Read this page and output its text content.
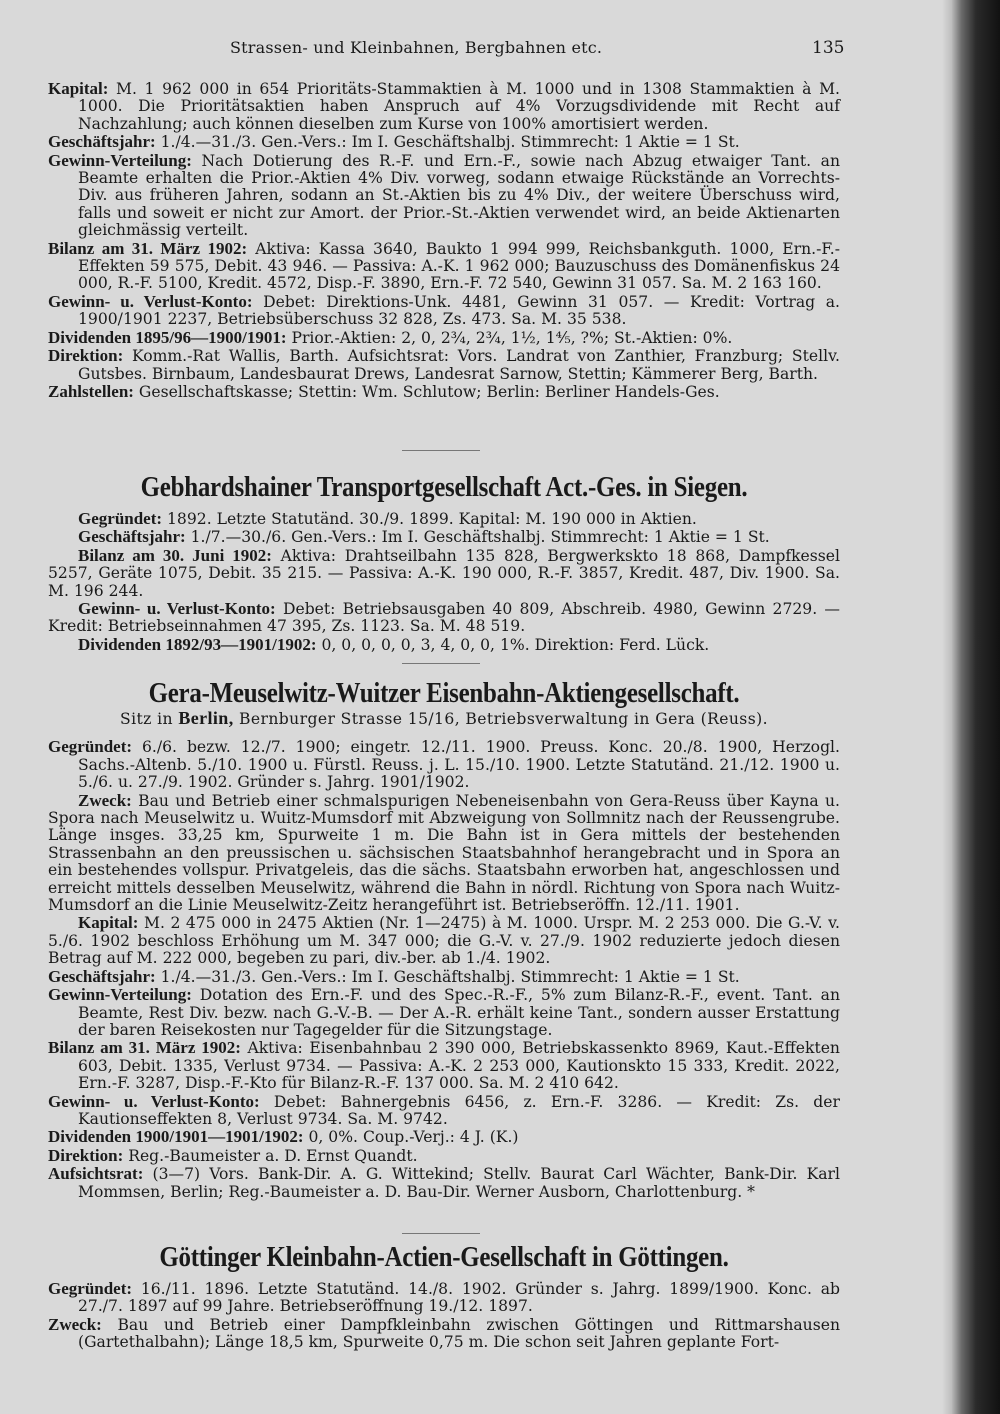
Strassen- und Kleinbahnen, Bergbahnen etc.	135

Kapital: M. 1 962 000 in 654 Prioritäts-Stammaktien à M. 1000 und in 1308 Stammaktien à M. 1000. Die Prioritätsaktien haben Anspruch auf 4% Vorzugsdividende mit Recht auf Nachzahlung; auch können dieselben zum Kurse von 100% amortisiert werden.

Geschäftsjahr: 1./4.—31./3. Gen.-Vers.: Im I. Geschäftshalbj. Stimmrecht: 1 Aktie = 1 St.

Gewinn-Verteilung: Nach Dotierung des R.-F. und Ern.-F., sowie nach Abzug etwaiger Tant. an Beamte erhalten die Prior.-Aktien 4% Div. vorweg, sodann etwaige Rückstände an Vorrechts-Div. aus früheren Jahren, sodann an St.-Aktien bis zu 4% Div., der weitere Überschuss wird, falls und soweit er nicht zur Amort. der Prior.-St.-Aktien verwendet wird, an beide Aktienarten gleichmässig verteilt.

Bilanz am 31. März 1902: Aktiva: Kassa 3640, Baukto 1 994 999, Reichsbankguth. 1000, Ern.-F.-Effekten 59 575, Debit. 43 946. — Passiva: A.-K. 1 962 000; Bauzuschuss des Domänenfiskus 24 000, R.-F. 5100, Kredit. 4572, Disp.-F. 3890, Ern.-F. 72 540, Gewinn 31 057. Sa. M. 2 163 160.

Gewinn- u. Verlust-Konto: Debet: Direktions-Unk. 4481, Gewinn 31 057. — Kredit: Vortrag a. 1900/1901 2237, Betriebsüberschuss 32 828, Zs. 473. Sa. M. 35 538.

Dividenden 1895/96—1900/1901: Prior.-Aktien: 2, 0, 2¾, 2¾, 1½, 1⅘, ?%; St.-Aktien: 0%.

Direktion: Komm.-Rat Wallis, Barth. Aufsichtsrat: Vors. Landrat von Zanthier, Franzburg; Stellv. Gutsbes. Birnbaum, Landesbaurat Drews, Landesrat Sarnow, Stettin; Kämmerer Berg, Barth.

Zahlstellen: Gesellschaftskasse; Stettin: Wm. Schlutow; Berlin: Berliner Handels-Ges.

Gebhardshainer Transportgesellschaft Act.-Ges. in Siegen.

Gegründet: 1892. Letzte Statutänd. 30./9. 1899. Kapital: M. 190 000 in Aktien.

Geschäftsjahr: 1./7.—30./6. Gen.-Vers.: Im I. Geschäftshalbj. Stimmrecht: 1 Aktie = 1 St.

Bilanz am 30. Juni 1902: Aktiva: Drahtseilbahn 135 828, Bergwerkskto 18 868, Dampfkessel 5257, Geräte 1075, Debit. 35 215. — Passiva: A.-K. 190 000, R.-F. 3857, Kredit. 487, Div. 1900. Sa. M. 196 244.

Gewinn- u. Verlust-Konto: Debet: Betriebsausgaben 40 809, Abschreib. 4980, Gewinn 2729. — Kredit: Betriebseinnahmen 47 395, Zs. 1123. Sa. M. 48 519.

Dividenden 1892/93—1901/1902: 0, 0, 0, 0, 0, 3, 4, 0, 0, 1%. Direktion: Ferd. Lück.

Gera-Meuselwitz-Wuitzer Eisenbahn-Aktiengesellschaft.

Sitz in Berlin, Bernburger Strasse 15/16, Betriebsverwaltung in Gera (Reuss).

Gegründet: 6./6. bezw. 12./7. 1900; eingetr. 12./11. 1900. Preuss. Konc. 20./8. 1900, Herzogl. Sachs.-Altenb. 5./10. 1900 u. Fürstl. Reuss. j. L. 15./10. 1900. Letzte Statutänd. 21./12. 1900 u. 5./6. u. 27./9. 1902. Gründer s. Jahrg. 1901/1902.

Zweck: Bau und Betrieb einer schmalspurigen Nebeneisenbahn von Gera-Reuss über Kayna u. Spora nach Meuselwitz u. Wuitz-Mumsdorf mit Abzweigung von Sollmnitz nach der Reussengrube. Länge insges. 33,25 km, Spurweite 1 m. Die Bahn ist in Gera mittels der bestehenden Strassenbahn an den preussischen u. sächsischen Staatsbahnhof herangebracht und in Spora an ein bestehendes vollspur. Privatgeleis, das die sächs. Staatsbahn erworben hat, angeschlossen und erreicht mittels desselben Meuselwitz, während die Bahn in nördl. Richtung von Spora nach Wuitz-Mumsdorf an die Linie Meuselwitz-Zeitz herangeführt ist. Betriebseröffn. 12./11. 1901.

Kapital: M. 2 475 000 in 2475 Aktien (Nr. 1—2475) à M. 1000. Urspr. M. 2 253 000. Die G.-V. v. 5./6. 1902 beschloss Erhöhung um M. 347 000; die G.-V. v. 27./9. 1902 reduzierte jedoch diesen Betrag auf M. 222 000, begeben zu pari, div.-ber. ab 1./4. 1902.

Geschäftsjahr: 1./4.—31./3. Gen.-Vers.: Im I. Geschäftshalbj. Stimmrecht: 1 Aktie = 1 St.

Gewinn-Verteilung: Dotation des Ern.-F. und des Spec.-R.-F., 5% zum Bilanz-R.-F., event. Tant. an Beamte, Rest Div. bezw. nach G.-V.-B. — Der A.-R. erhält keine Tant., sondern ausser Erstattung der baren Reisekosten nur Tagegelder für die Sitzungstage.

Bilanz am 31. März 1902: Aktiva: Eisenbahnbau 2 390 000, Betriebskassenkto 8969, Kaut.-Effekten 603, Debit. 1335, Verlust 9734. — Passiva: A.-K. 2 253 000, Kautionskto 15 333, Kredit. 2022, Ern.-F. 3287, Disp.-F.-Kto für Bilanz-R.-F. 137 000. Sa. M. 2 410 642.

Gewinn- u. Verlust-Konto: Debet: Bahnergebnis 6456, z. Ern.-F. 3286. — Kredit: Zs. der Kautionseffekten 8, Verlust 9734. Sa. M. 9742.

Dividenden 1900/1901—1901/1902: 0, 0%. Coup.-Verj.: 4 J. (K.)

Direktion: Reg.-Baumeister a. D. Ernst Quandt.

Aufsichtsrat: (3—7) Vors. Bank-Dir. A. G. Wittekind; Stellv. Baurat Carl Wächter, Bank-Dir. Karl Mommsen, Berlin; Reg.-Baumeister a. D. Bau-Dir. Werner Ausborn, Charlottenburg. *

Göttinger Kleinbahn-Actien-Gesellschaft in Göttingen.

Gegründet: 16./11. 1896. Letzte Statutänd. 14./8. 1902. Gründer s. Jahrg. 1899/1900. Konc. ab 27./7. 1897 auf 99 Jahre. Betriebseröffnung 19./12. 1897.

Zweck: Bau und Betrieb einer Dampfkleinbahn zwischen Göttingen und Rittmarshausen (Gartethalbahn); Länge 18,5 km, Spurweite 0,75 m. Die schon seit Jahren geplante Fort-
